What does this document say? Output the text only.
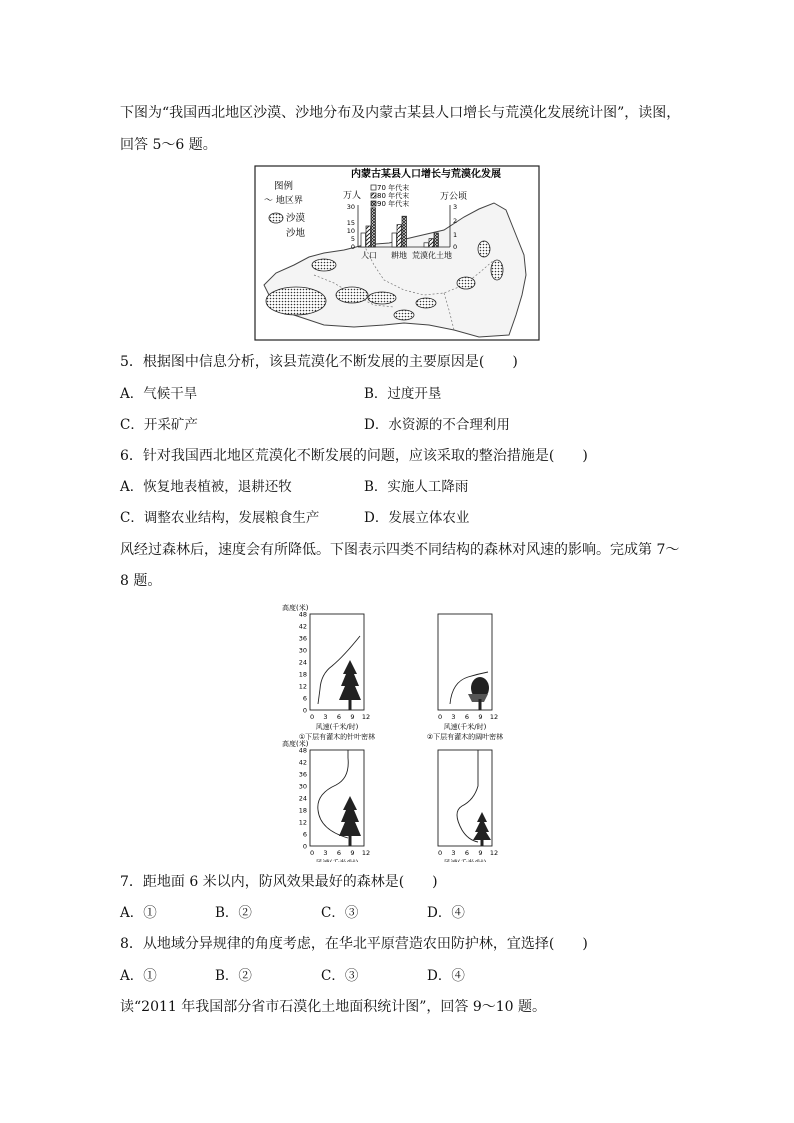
下图为“我国西北地区沙漠、沙地分布及内蒙古某县人口增长与荒漠化发展统计图”，读图，
回答 5～6 题。
内蒙古某县人口增长与荒漠化发展
图例
～ 地区界
沙漠
沙地
万人	万公顷
70 年代末
80 年代末
90 年代末
30
15
10
5
0
3
2
1
0
人口 耕地 荒漠化土地
5．根据图中信息分析，该县荒漠化不断发展的主要原因是(　　)
A．气候干旱	B．过度开垦
C．开采矿产	D．水资源的不合理利用
6．针对我国西北地区荒漠化不断发展的问题，应该采取的整治措施是(　　)
A．恢复地表植被，退耕还牧	B．实施人工降雨
C．调整农业结构，发展粮食生产	D．发展立体农业
风经过森林后，速度会有所降低。下图表示四类不同结构的森林对风速的影响。完成第 7～
8 题。
高度(米)
48
42
36
30
24
18
12
6
0
0 3 6 9 12
风速(千米/时)
①下层有灌木的针叶密林
0 3 6 9 12
风速(千米/时)
②下层有灌木的阔叶密林
高度(米)
48
42
36
30
24
18
12
6
0
0 3 6 9 12	0 3 6 9 12
7．距地面 6 米以内，防风效果最好的森林是(　　)
A．①	B．②	C．③	D．④
8．从地域分异规律的角度考虑，在华北平原营造农田防护林，宜选择(　　)
A．①	B．②	C．③	D．④
读“2011 年我国部分省市石漠化土地面积统计图”，回答 9～10 题。
